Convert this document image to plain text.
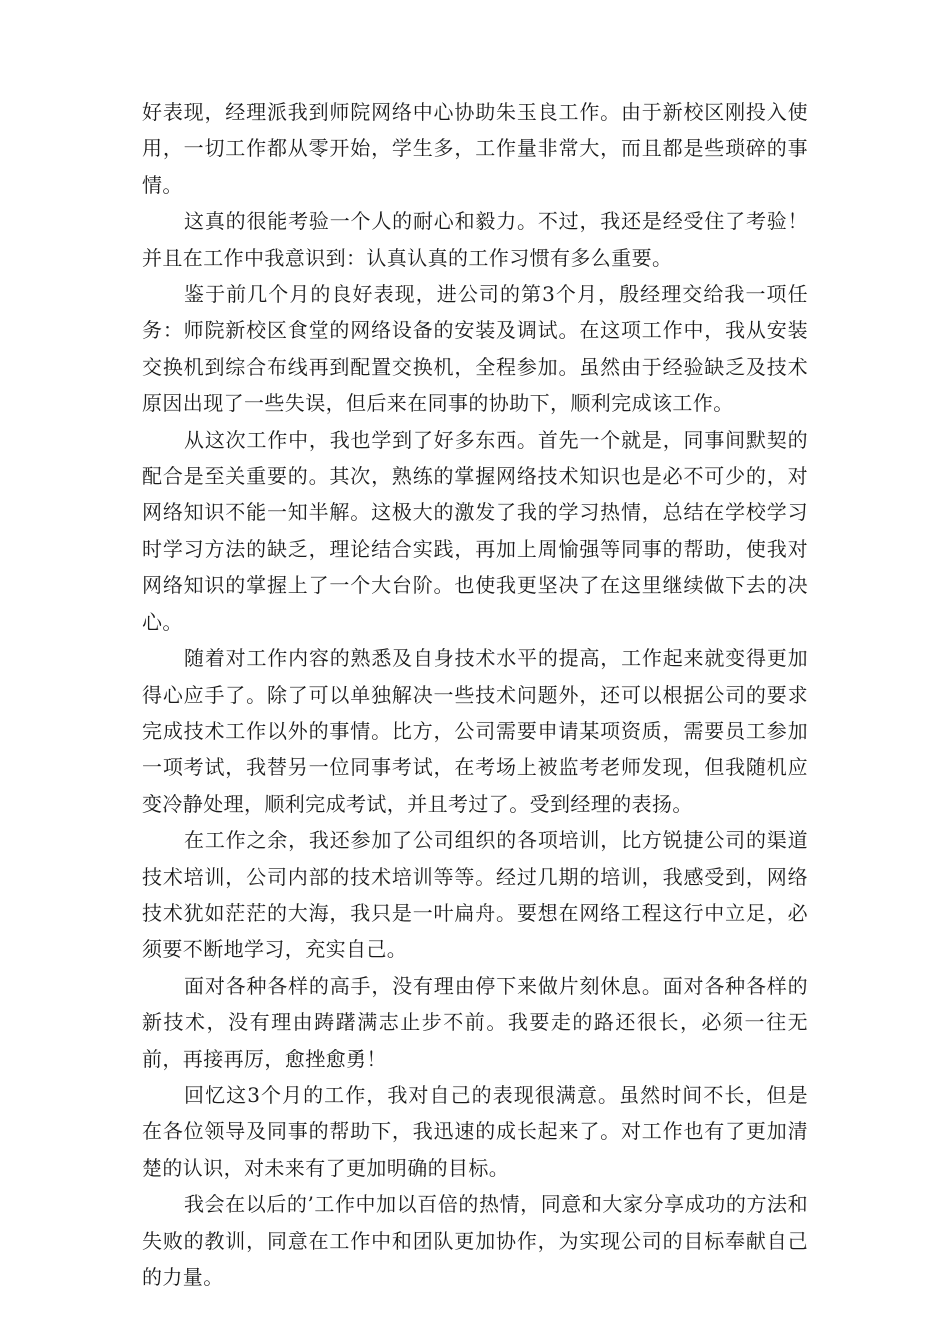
好表现，经理派我到师院网络中心协助朱玉良工作。由于新校区刚投入使用，一切工作都从零开始，学生多，工作量非常大，而且都是些琐碎的事情。

这真的很能考验一个人的耐心和毅力。不过，我还是经受住了考验！并且在工作中我意识到：认真认真的工作习惯有多么重要。

鉴于前几个月的良好表现，进公司的第3个月，殷经理交给我一项任务：师院新校区食堂的网络设备的安装及调试。在这项工作中，我从安装交换机到综合布线再到配置交换机，全程参加。虽然由于经验缺乏及技术原因出现了一些失误，但后来在同事的协助下，顺利完成该工作。

从这次工作中，我也学到了好多东西。首先一个就是，同事间默契的配合是至关重要的。其次，熟练的掌握网络技术知识也是必不可少的，对网络知识不能一知半解。这极大的激发了我的学习热情，总结在学校学习时学习方法的缺乏，理论结合实践，再加上周愉强等同事的帮助，使我对网络知识的掌握上了一个大台阶。也使我更坚决了在这里继续做下去的决心。

随着对工作内容的熟悉及自身技术水平的提高，工作起来就变得更加得心应手了。除了可以单独解决一些技术问题外，还可以根据公司的要求完成技术工作以外的事情。比方，公司需要申请某项资质，需要员工参加一项考试，我替另一位同事考试，在考场上被监考老师发现，但我随机应变冷静处理，顺利完成考试，并且考过了。受到经理的表扬。

在工作之余，我还参加了公司组织的各项培训，比方锐捷公司的渠道技术培训，公司内部的技术培训等等。经过几期的培训，我感受到，网络技术犹如茫茫的大海，我只是一叶扁舟。要想在网络工程这行中立足，必须要不断地学习，充实自己。

面对各种各样的高手，没有理由停下来做片刻休息。面对各种各样的新技术，没有理由踌躇满志止步不前。我要走的路还很长，必须一往无前，再接再厉，愈挫愈勇！

回忆这3个月的工作，我对自己的表现很满意。虽然时间不长，但是在各位领导及同事的帮助下，我迅速的成长起来了。对工作也有了更加清楚的认识，对未来有了更加明确的目标。

我会在以后的’工作中加以百倍的热情，同意和大家分享成功的方法和失败的教训，同意在工作中和团队更加协作，为实现公司的目标奉献自己的力量。
